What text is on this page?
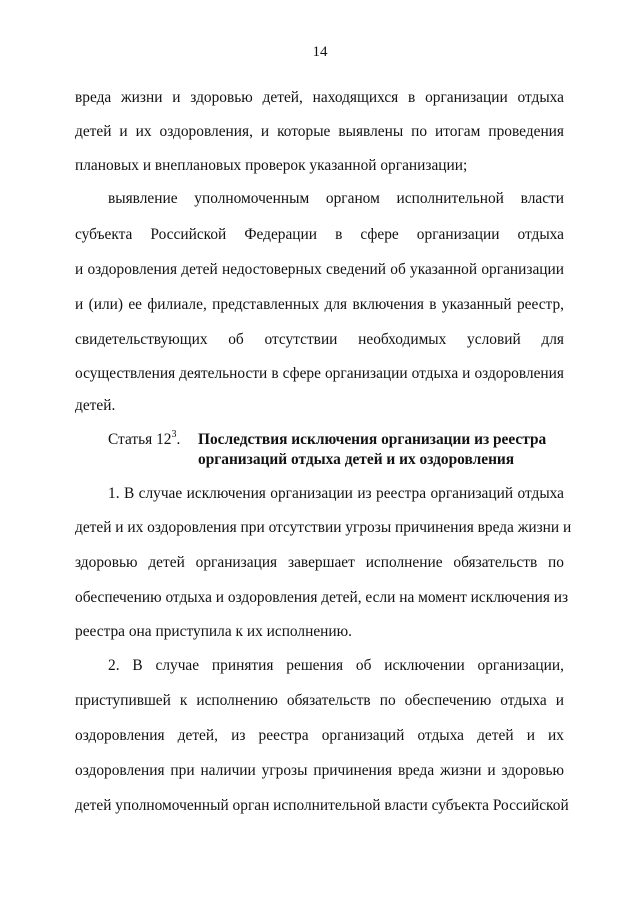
14
вреда жизни и здоровью детей, находящихся в организации отдыха
детей и их оздоровления, и которые выявлены по итогам проведения
плановых и внеплановых проверок указанной организации;
выявление уполномоченным органом исполнительной власти
субъекта Российской Федерации в сфере организации отдыха
и оздоровления детей недостоверных сведений об указанной организации
и (или) ее филиале, представленных для включения в указанный реестр,
свидетельствующих об отсутствии необходимых условий для
осуществления деятельности в сфере организации отдыха и оздоровления
детей.
Статья $12^3$. Последствия исключения организации из реестра
организаций отдыха детей и их оздоровления
1. В случае исключения организации из реестра организаций отдыха
детей и их оздоровления при отсутствии угрозы причинения вреда жизни и
здоровью детей организация завершает исполнение обязательств по
обеспечению отдыха и оздоровления детей, если на момент исключения из
реестра она приступила к их исполнению.
2. В случае принятия решения об исключении организации,
приступившей к исполнению обязательств по обеспечению отдыха и
оздоровления детей, из реестра организаций отдыха детей и их
оздоровления при наличии угрозы причинения вреда жизни и здоровью
детей уполномоченный орган исполнительной власти субъекта Российской
